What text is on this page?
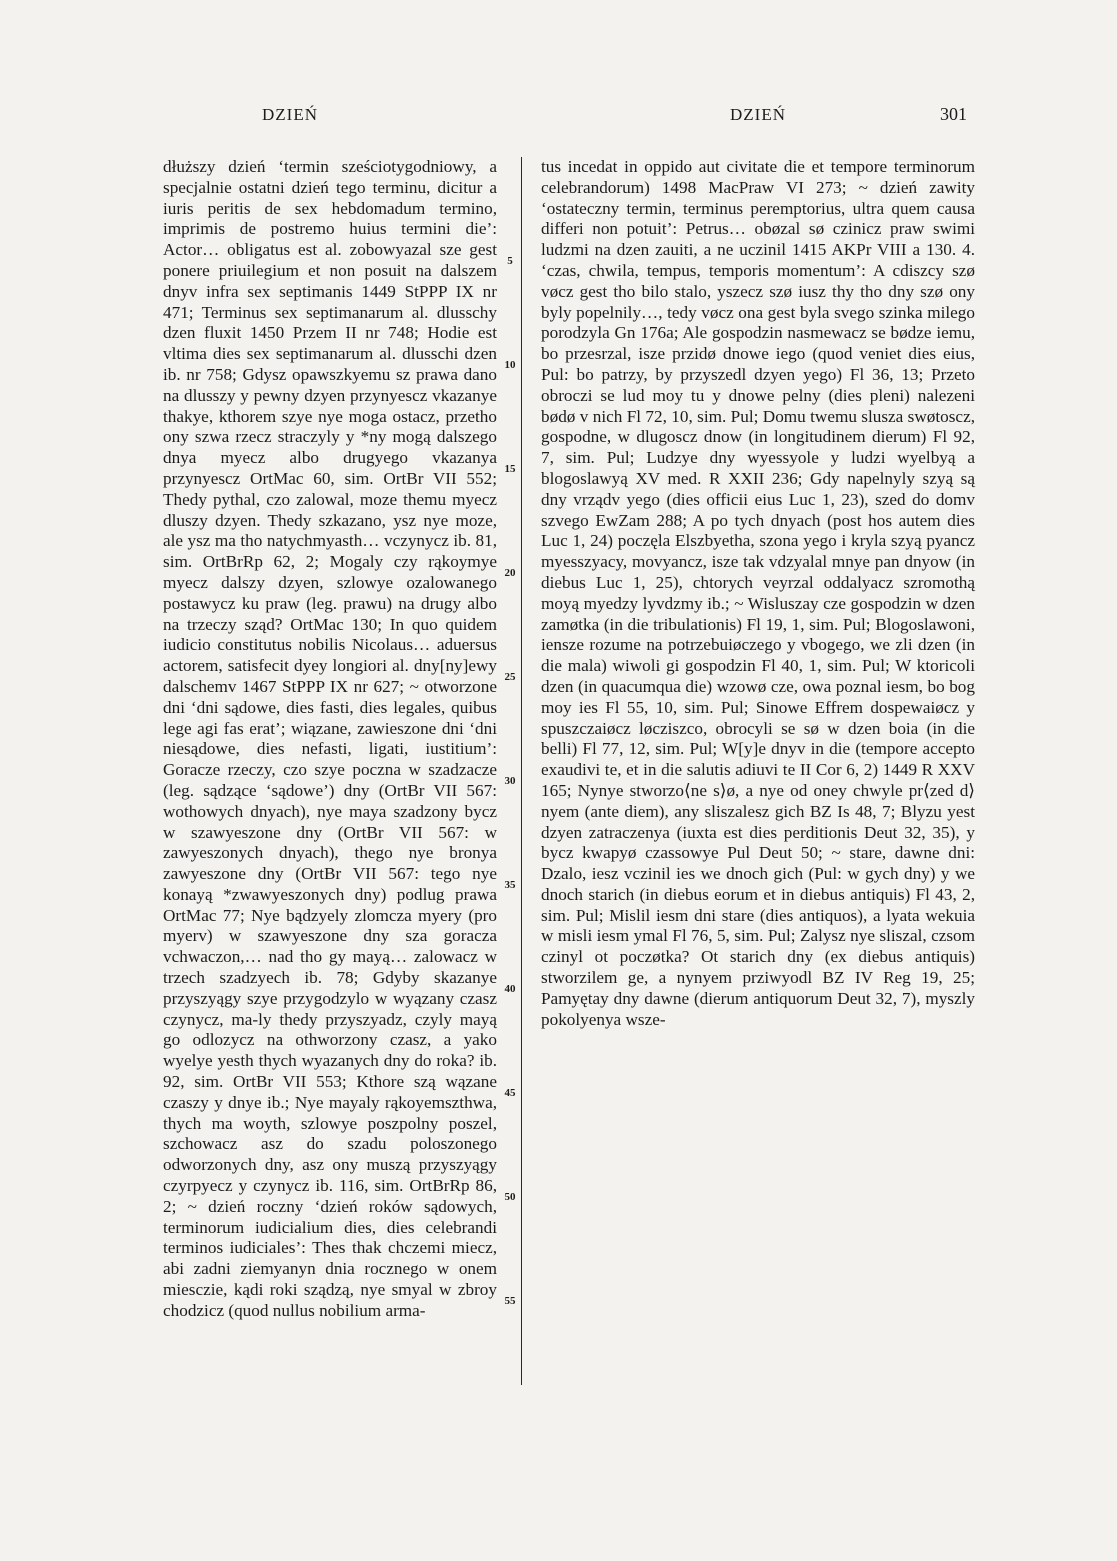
DZIEŃ	DZIEŃ	301

dłuższy dzień ‘termin sześciotygodniowy, a specjalnie ostatni dzień tego terminu, dicitur a iuris peritis de sex hebdomadum termino, imprimis de postremo huius termini die’: Actor… obligatus est al. zobowyazal sze gest ponere priuilegium et non posuit na dalszem dnyv infra sex septimanis 1449 StPPP IX nr 471; Terminus sex septimanarum al. dlusschy dzen fluxit 1450 Przem II nr 748; Hodie est vltima dies sex septimanarum al. dlusschi dzen ib. nr 758; Gdysz opawszkyemu sz prawa dano na dlusszy y pewny dzyen przynyescz vkazanye thakye, kthorem szye nye moga ostacz, przetho ony szwa rzecz straczyly y *ny mogą dalszego dnya myecz albo drugyego vkazanya przynyescz OrtMac 60, sim. OrtBr VII 552; Thedy pythal, czo zalowal, moze themu myecz dluszy dzyen. Thedy szkazano, ysz nye moze, ale ysz ma tho natychmyasth… vczynycz ib. 81, sim. OrtBrRp 62, 2; Mogaly czy rąkoymye myecz dalszy dzyen, szlowye ozalowanego postawycz ku praw (leg. prawu) na drugy albo na trzeczy sząd? OrtMac 130; In quo quidem iudicio constitutus nobilis Nicolaus… aduersus actorem, satisfecit dyey longiori al. dny[ny]ewy dalschemv 1467 StPPP IX nr 627; ~ otworzone dni ‘dni sądowe, dies fasti, dies legales, quibus lege agi fas erat’; wiązane, zawieszone dni ‘dni niesądowe, dies nefasti, ligati, iustitium’: Goracze rzeczy, czo szye poczna w szadzacze (leg. sądzące ‘sądowe’) dny (OrtBr VII 567: wothowych dnyach), nye maya szadzony bycz w szawyeszone dny (OrtBr VII 567: w zawyeszonych dnyach), thego nye bronya zawyeszone dny (OrtBr VII 567: tego nye konayą *zwawyeszonych dny) podlug prawa OrtMac 77; Nye bądzyely zlomcza myery (pro myerv) w szawyeszone dny sza goracza vchwaczon,… nad tho gy mayą… zalowacz w trzech szadzyech ib. 78; Gdyby skazanye przyszyągy szye przygodzylo w wyązany czasz czynycz, ma-ly thedy przyszyadz, czyly mayą go odlozycz na othworzony czasz, a yako wyelye yesth thych wyazanych dny do roka? ib. 92, sim. OrtBr VII 553; Kthore szą wązane czaszy y dnye ib.; Nye mayaly rąkoyemszthwa, thych ma woyth, szlowye poszpolny poszel, szchowacz asz do szadu poloszonego odworzonych dny, asz ony muszą przyszyągy czyrpyecz y czynycz ib. 116, sim. OrtBrRp 86, 2; ~ dzień roczny ‘dzień roków sądowych, terminorum iudicialium dies, dies celebrandi terminos iudiciales’: Thes thak chczemi miecz, abi zadni ziemyanyn dnia rocznego w onem miesczie, kądi roki sządzą, nye smyal w zbroy chodzicz (quod nullus nobilium arma-

5
10
15
20
25
30
35
40
45
50
55

tus incedat in oppido aut civitate die et tempore terminorum celebrandorum) 1498 MacPraw VI 273; ~ dzień zawity ‘ostateczny termin, terminus peremptorius, ultra quem causa differi non potuit’: Petrus… obøzal sø czinicz praw swimi ludzmi na dzen zauiti, a ne uczinil 1415 AKPr VIII a 130. 4. ‘czas, chwila, tempus, temporis momentum’: A cdiszcy szø vøcz gest tho bilo stalo, yszecz szø iusz thy tho dny szø ony byly popelnily…, tedy vøcz ona gest byla svego szinka milego porodzyla Gn 176a; Ale gospodzin nasmewacz se bødze iemu, bo przesrzal, isze przidø dnowe iego (quod veniet dies eius, Pul: bo patrzy, by przyszedl dzyen yego) Fl 36, 13; Przeto obroczi se lud moy tu y dnowe pelny (dies pleni) nalezeni bødø v nich Fl 72, 10, sim. Pul; Domu twemu slusza swøtoscz, gospodne, w dlugoscz dnow (in longitudinem dierum) Fl 92, 7, sim. Pul; Ludzye dny wyessyole y ludzi wyelbyą a blogoslawyą XV med. R XXII 236; Gdy napelnyly szyą są dny vrządv yego (dies officii eius Luc 1, 23), szed do domv szvego EwZam 288; A po tych dnyach (post hos autem dies Luc 1, 24) poczęla Elszbyetha, szona yego i kryla szyą pyancz myesszyacy, movyancz, isze tak vdzyalal mnye pan dnyow (in diebus Luc 1, 25), chtorych veyrzal oddalyacz szromothą moyą myedzy lyvdzmy ib.; ~ Wisluszay cze gospodzin w dzen zamøtka (in die tribulationis) Fl 19, 1, sim. Pul; Blogoslawoni, iensze rozume na potrzebuiøczego y vbogego, we zli dzen (in die mala) wiwoli gi gospodzin Fl 40, 1, sim. Pul; W ktoricoli dzen (in quacumqua die) wzowø cze, owa poznal iesm, bo bog moy ies Fl 55, 10, sim. Pul; Sinowe Effrem dospewaiøcz y spuszczaiøcz løcziszco, obrocyli se sø w dzen boia (in die belli) Fl 77, 12, sim. Pul; W[y]e dnyv in die (tempore accepto exaudivi te, et in die salutis adiuvi te II Cor 6, 2) 1449 R XXV 165; Nynye stworzo⟨ne s⟩ø, a nye od oney chwyle pr⟨zed d⟩nyem (ante diem), any sliszalesz gich BZ Is 48, 7; Blyzu yest dzyen zatraczenya (iuxta est dies perditionis Deut 32, 35), y bycz kwapyø czassowye Pul Deut 50; ~ stare, dawne dni: Dzalo, iesz vczinil ies we dnoch gich (Pul: w gych dny) y we dnoch starich (in diebus eorum et in diebus antiquis) Fl 43, 2, sim. Pul; Mislil iesm dni stare (dies antiquos), a lyata wekuia w misli iesm ymal Fl 76, 5, sim. Pul; Zalysz nye sliszal, czsom czinyl ot poczøtka? Ot starich dny (ex diebus antiquis) stworzilem ge, a nynyem prziwyodl BZ IV Reg 19, 25; Pamyętay dny dawne (dierum antiquorum Deut 32, 7), myszly pokolyenya wsze-
